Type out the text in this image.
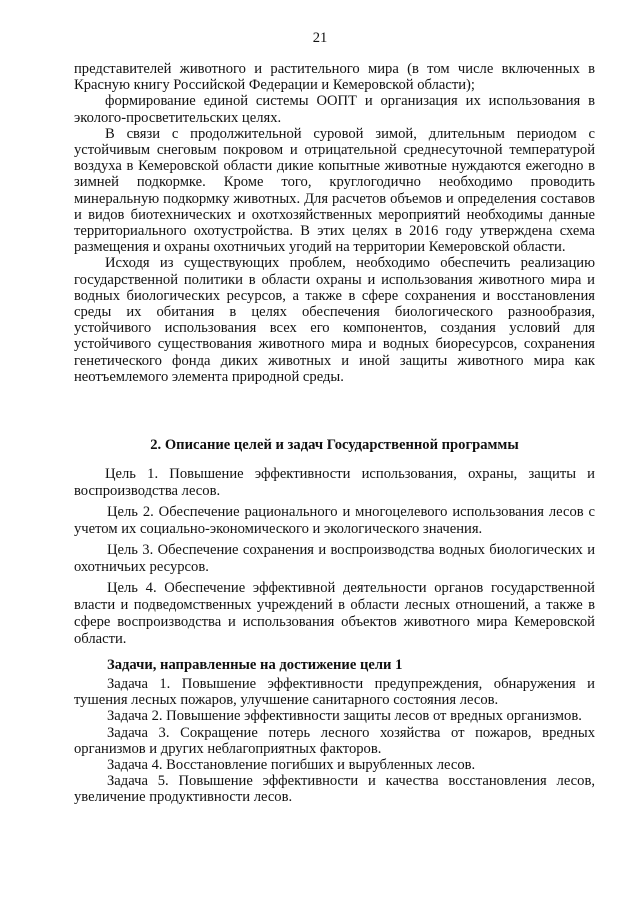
21

представителей животного и растительного мира (в том числе включенных в Красную книгу Российской Федерации и Кемеровской области);

формирование единой системы ООПТ и организация их использования в эколого-просветительских целях.

В связи с продолжительной суровой зимой, длительным периодом с устойчивым снеговым покровом и отрицательной среднесуточной температурой воздуха в Кемеровской области дикие копытные животные нуждаются ежегодно в зимней подкормке. Кроме того, круглогодично необходимо проводить минеральную подкормку животных. Для расчетов объемов и определения составов и видов биотехнических и охотхозяйственных мероприятий необходимы данные территориального охотустройства. В этих целях в 2016 году утверждена схема размещения и охраны охотничьих угодий на территории Кемеровской области.

Исходя из существующих проблем, необходимо обеспечить реализацию государственной политики в области охраны и использования животного мира и водных биологических ресурсов, а также в сфере сохранения и восстановления среды их обитания в целях обеспечения биологического разнообразия, устойчивого использования всех его компонентов, создания условий для устойчивого существования животного мира и водных биоресурсов, сохранения генетического фонда диких животных и иной защиты животного мира как неотъемлемого элемента природной среды.

2. Описание целей и задач Государственной программы

Цель 1. Повышение эффективности использования, охраны, защиты и воспроизводства лесов.

Цель 2. Обеспечение рационального и многоцелевого использования лесов с учетом их социально-экономического и экологического значения.

Цель 3. Обеспечение сохранения и воспроизводства водных биологических и охотничьих ресурсов.

Цель 4. Обеспечение эффективной деятельности органов государственной власти и подведомственных учреждений в области лесных отношений, а также в сфере воспроизводства и использования объектов животного мира Кемеровской области.

Задачи, направленные на достижение цели 1

Задача 1. Повышение эффективности предупреждения, обнаружения и тушения лесных пожаров, улучшение санитарного состояния лесов.

Задача 2. Повышение эффективности защиты лесов от вредных организмов.

Задача 3. Сокращение потерь лесного хозяйства от пожаров, вредных организмов и других неблагоприятных факторов.

Задача 4. Восстановление погибших и вырубленных лесов.

Задача 5. Повышение эффективности и качества восстановления лесов, увеличение продуктивности лесов.
